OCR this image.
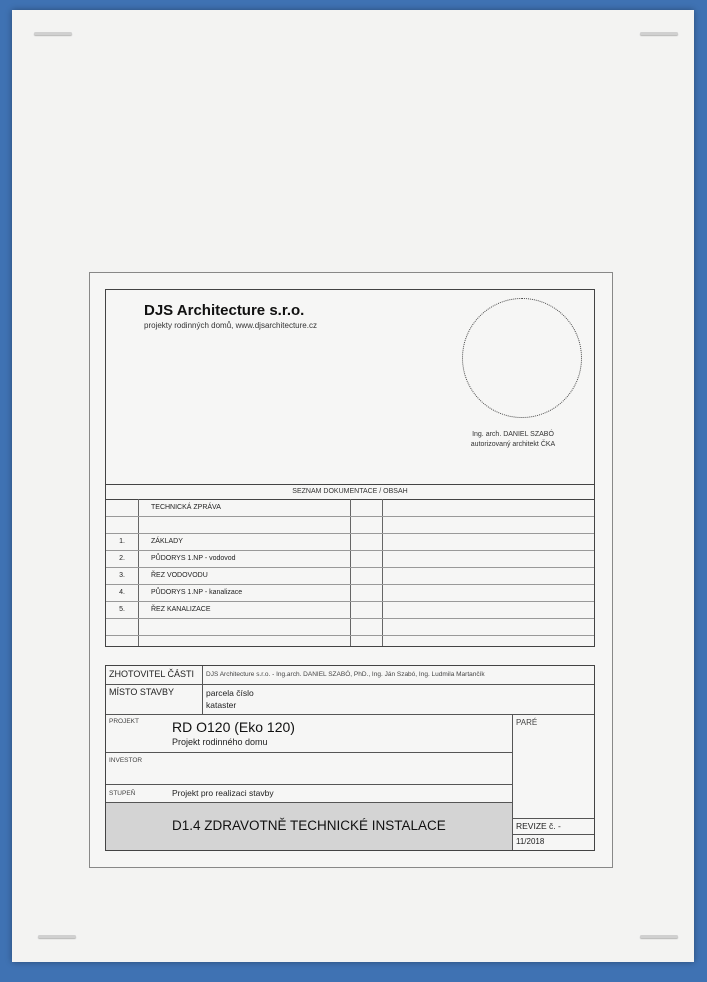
DJS Architecture s.r.o.
projekty rodinných domů, www.djsarchitecture.cz
Ing. arch. DANIEL SZABÓ
autorizovaný architekt ČKA
SEZNAM DOKUMENTACE / OBSAH
TECHNICKÁ ZPRÁVA
1.	ZÁKLADY
2.	PŮDORYS 1.NP - vodovod
3.	ŘEZ VODOVODU
4.	PŮDORYS 1.NP - kanalizace
5.	ŘEZ KANALIZACE
ZHOTOVITEL ČÁSTI DJS Architecture s.r.o. - Ing.arch. DANIEL SZABÓ, PhD., Ing. Ján Szabó, Ing. Ludmila Martančík
MÍSTO STAVBY	parcela číslo
kataster
PROJEKT RD O120 (Eko 120)
Projekt rodinného domu
PARÉ
INVESTOR
STUPEŇ	Projekt pro realizaci stavby
D1.4 ZDRAVOTNĚ TECHNICKÉ INSTALACE	REVIZE č. -
11/2018
